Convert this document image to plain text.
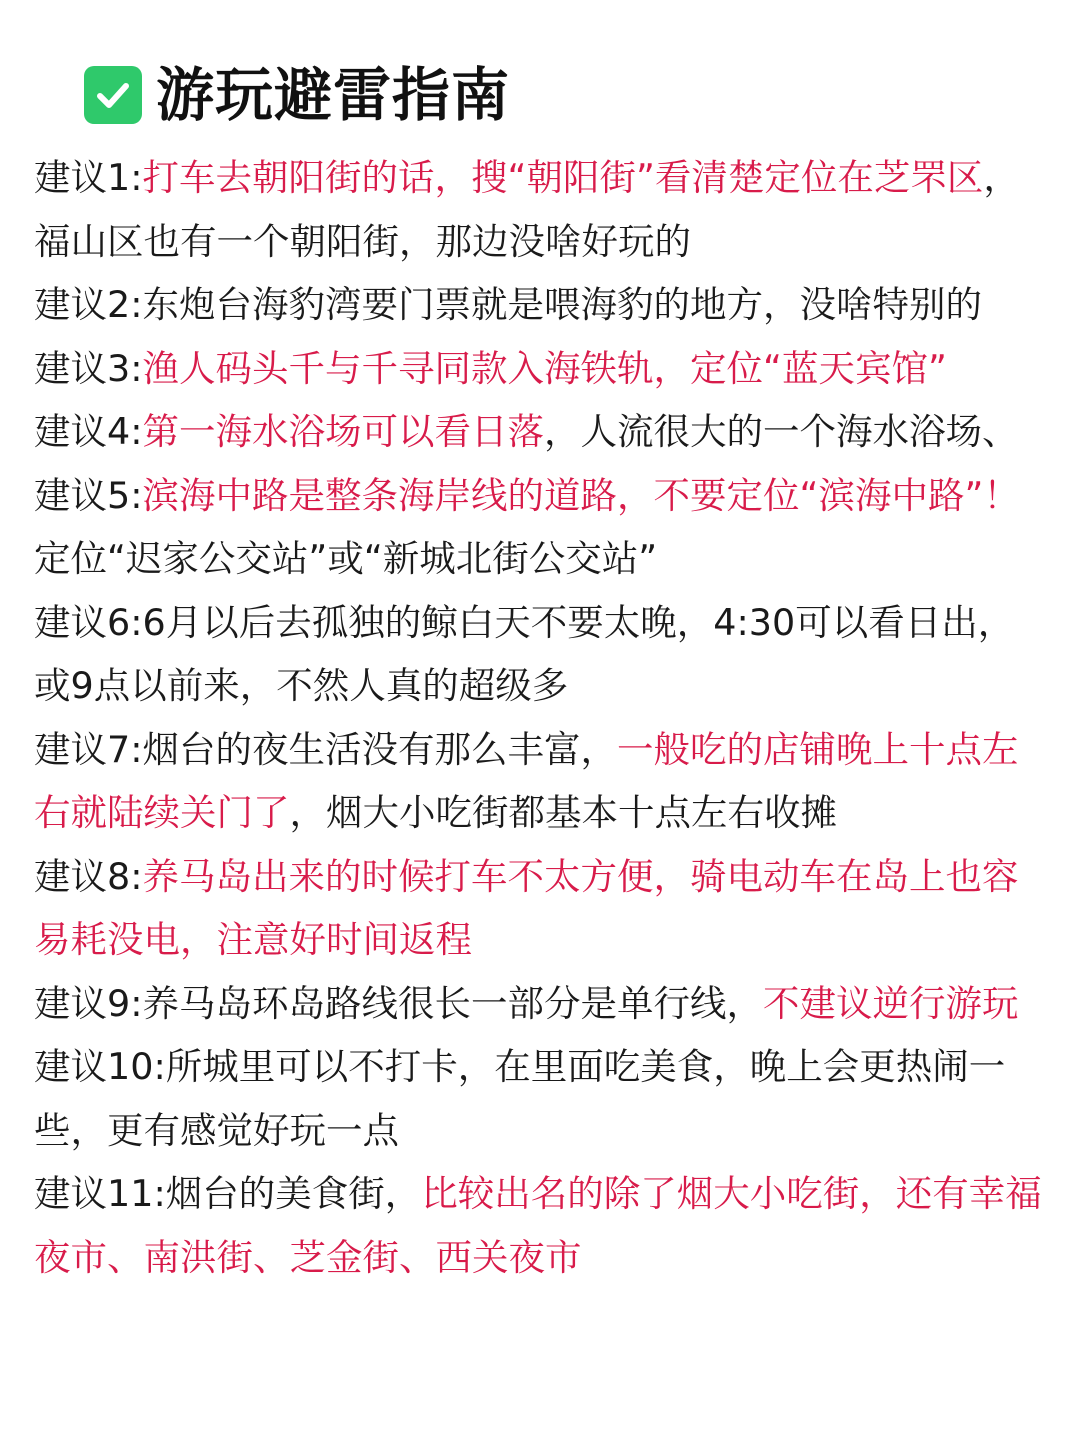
游玩避雷指南

建议1:打车去朝阳街的话，搜“朝阳街”看清楚定位在芝罘区，福山区也有一个朝阳街，那边没啥好玩的

建议2:东炮台海豹湾要门票就是喂海豹的地方，没啥特别的

建议3:渔人码头千与千寻同款入海铁轨，定位“蓝天宾馆”

建议4:第一海水浴场可以看日落，人流很大的一个海水浴场、

建议5:滨海中路是整条海岸线的道路，不要定位“滨海中路”！ 定位“迟家公交站”或“新城北街公交站”

建议6:6月以后去孤独的鲸白天不要太晚，4:30可以看日出，或9点以前来，不然人真的超级多

建议7:烟台的夜生活没有那么丰富，一般吃的店铺晚上十点左右就陆续关门了，烟大小吃街都基本十点左右收摊

建议8:养马岛出来的时候打车不太方便，骑电动车在岛上也容易耗没电，注意好时间返程

建议9:养马岛环岛路线很长一部分是单行线，不建议逆行游玩

建议10:所城里可以不打卡，在里面吃美食，晚上会更热闹一些，更有感觉好玩一点

建议11:烟台的美食街，比较出名的除了烟大小吃街，还有幸福夜市、南洪街、芝金街、西关夜市
